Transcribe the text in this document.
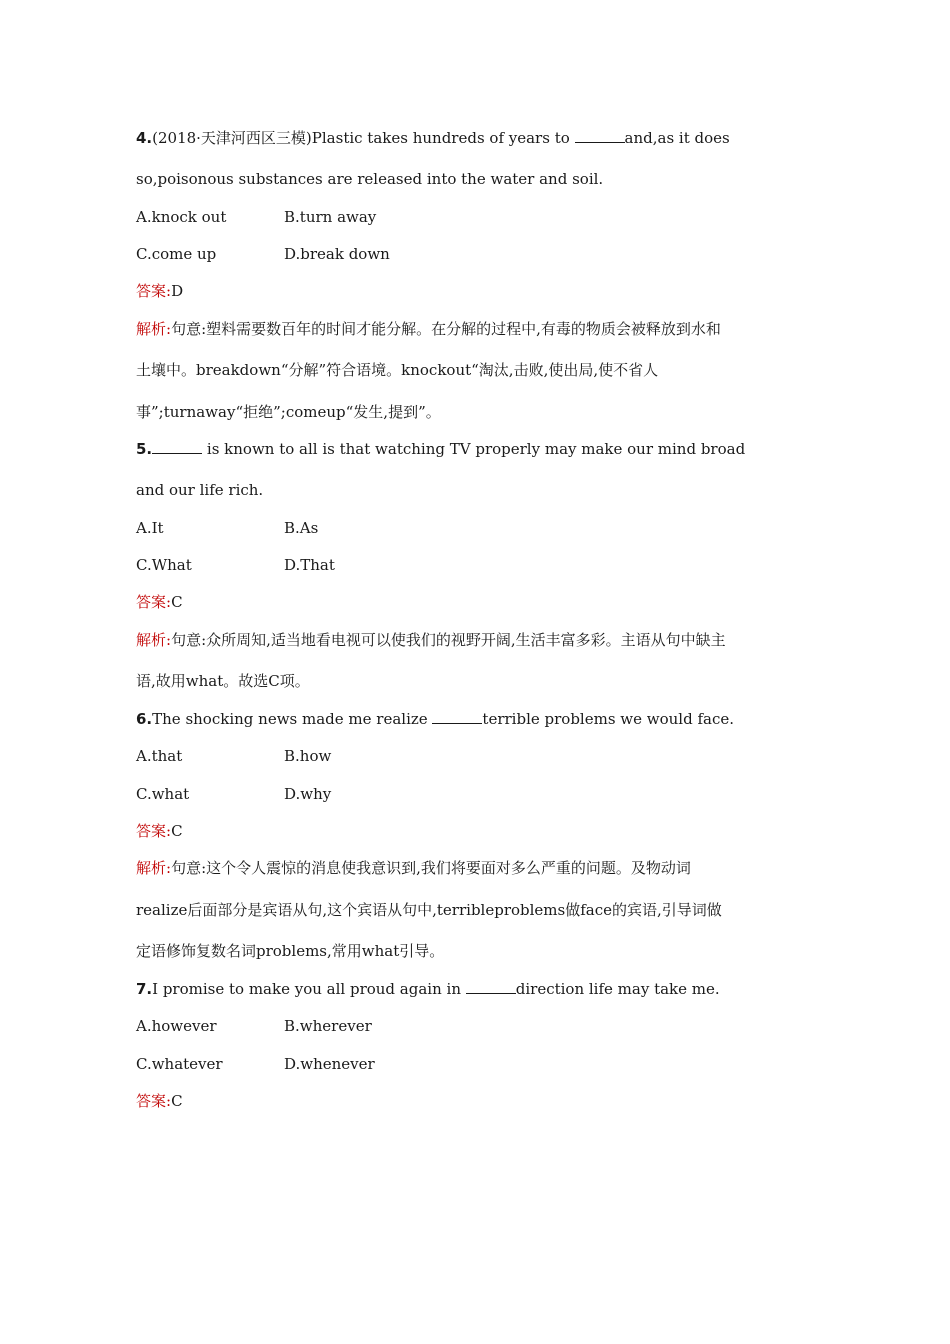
4.(2018·天津河西区三模)Plastic takes hundreds of years to	and,as it does
so,poisonous substances are released into the water and soil.
A.knock out	B.turn away
C.come up	D.break down
答案:D
解析:句意:塑料需要数百年的时间才能分解。在分解的过程中,有毒的物质会被释放到水和
土壤中。breakdown“分解”符合语境。knockout“淘汰,击败,使出局,使不省人
事”;turnaway“拒绝”;comeup“发生,提到”。
5.	is known to all is that watching TV properly may make our mind broad
and our life rich.
A.It	B.As
C.What	D.That
答案:C
解析:句意:众所周知,适当地看电视可以使我们的视野开阔,生活丰富多彩。主语从句中缺主
语,故用what。故选C项。
6.The shocking news made me realize	terrible problems we would face.
A.that	B.how
C.what	D.why
答案:C
解析:句意:这个令人震惊的消息使我意识到,我们将要面对多么严重的问题。及物动词
realize后面部分是宾语从句,这个宾语从句中,terribleproblems做face的宾语,引导词做
定语修饰复数名词problems,常用what引导。
7.I promise to make you all proud again in	direction life may take me.
A.however	B.wherever
C.whatever	D.whenever
答案:C
